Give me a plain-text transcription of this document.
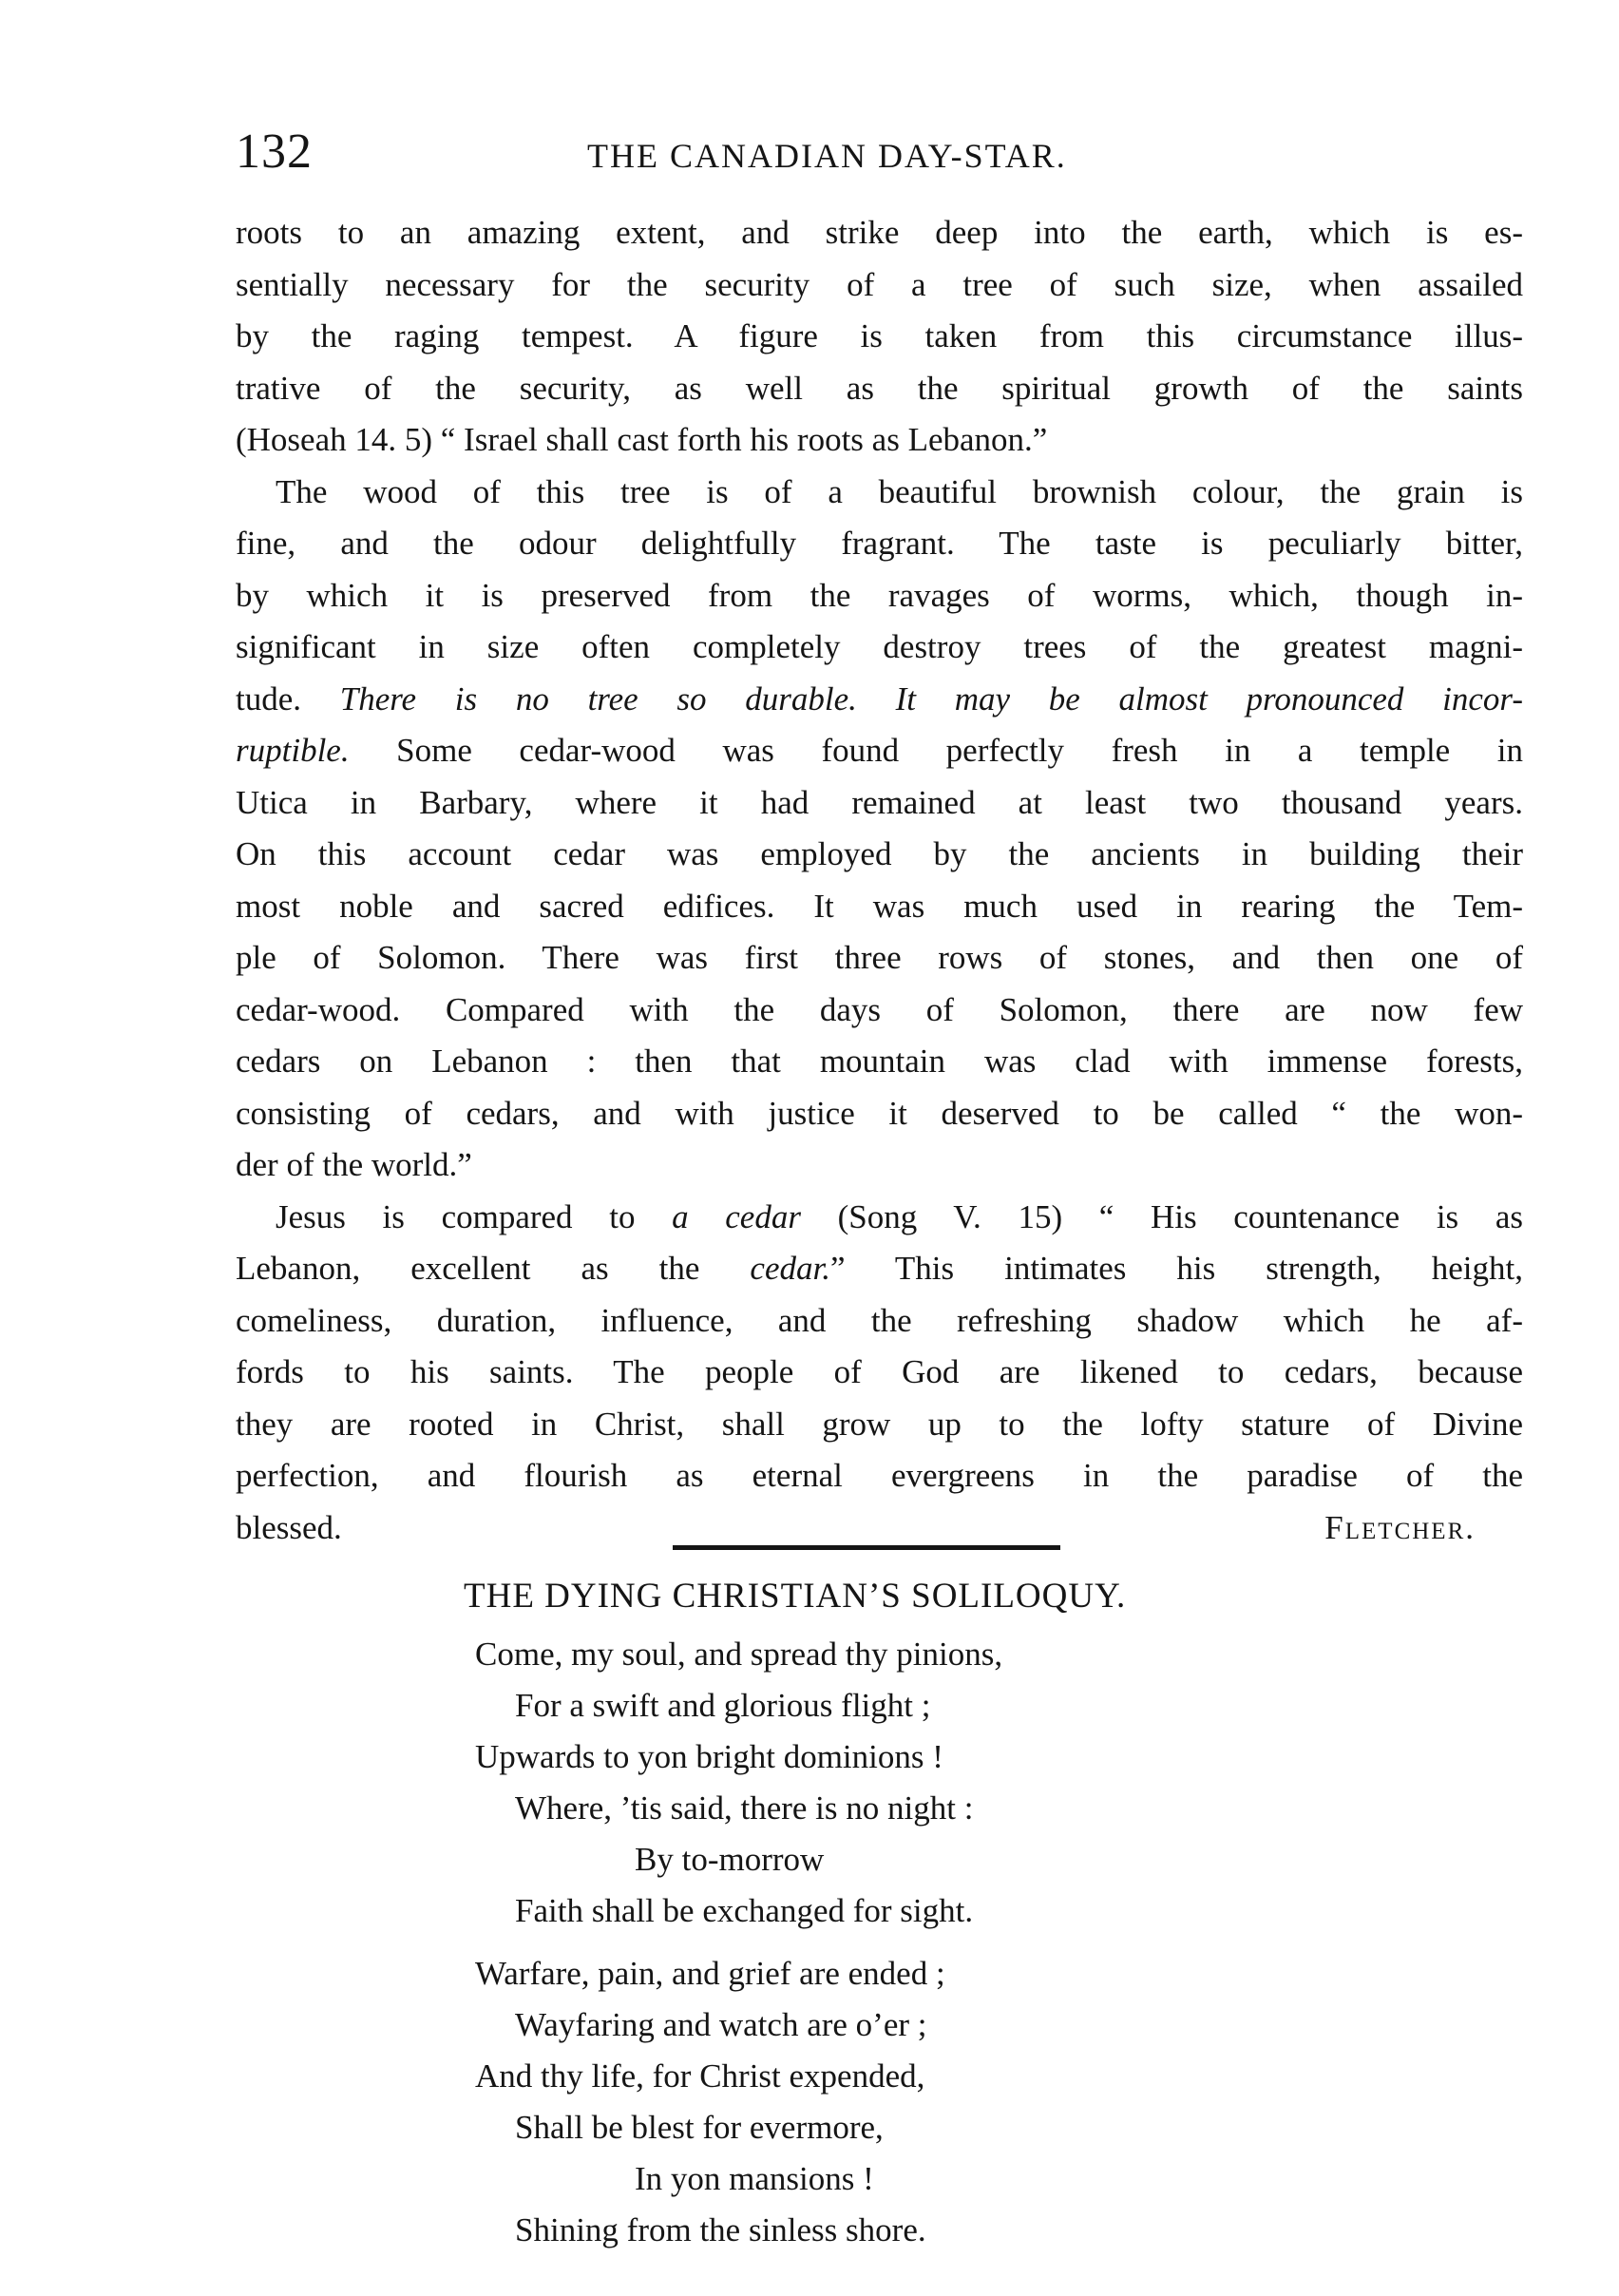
132	THE CANADIAN DAY-STAR.
roots to an amazing extent, and strike deep into the earth, which is es-
sentially necessary for the security of a tree of such size, when assailed
by the raging tempest. A figure is taken from this circumstance illus-
trative of the security, as well as the spiritual growth of the saints
(Hoseah 14. 5) “ Israel shall cast forth his roots as Lebanon.”
The wood of this tree is of a beautiful brownish colour, the grain is
fine, and the odour delightfully fragrant. The taste is peculiarly bitter,
by which it is preserved from the ravages of worms, which, though in-
significant in size often completely destroy trees of the greatest magni-
tude. There is no tree so durable. It may be almost pronounced incor-
ruptible. Some cedar-wood was found perfectly fresh in a temple in
Utica in Barbary, where it had remained at least two thousand years.
On this account cedar was employed by the ancients in building their
most noble and sacred edifices. It was much used in rearing the Tem-
ple of Solomon. There was first three rows of stones, and then one of
cedar-wood. Compared with the days of Solomon, there are now few
cedars on Lebanon : then that mountain was clad with immense forests,
consisting of cedars, and with justice it deserved to be called “ the won-
der of the world.”
Jesus is compared to a cedar (Song V. 15) “ His countenance is as
Lebanon, excellent as the cedar.” This intimates his strength, height,
comeliness, duration, influence, and the refreshing shadow which he af-
fords to his saints. The people of God are likened to cedars, because
they are rooted in Christ, shall grow up to the lofty stature of Divine
perfection, and flourish as eternal evergreens in the paradise of the
blessed.	Fletcher.
THE DYING CHRISTIAN’S SOLILOQUY.
Come, my soul, and spread thy pinions,
For a swift and glorious flight ;
Upwards to yon bright dominions !
Where, ’tis said, there is no night :
By to-morrow
Faith shall be exchanged for sight.
Warfare, pain, and grief are ended ;
Wayfaring and watch are o’er ;
And thy life, for Christ expended,
Shall be blest for evermore,
In yon mansions !
Shining from the sinless shore.
